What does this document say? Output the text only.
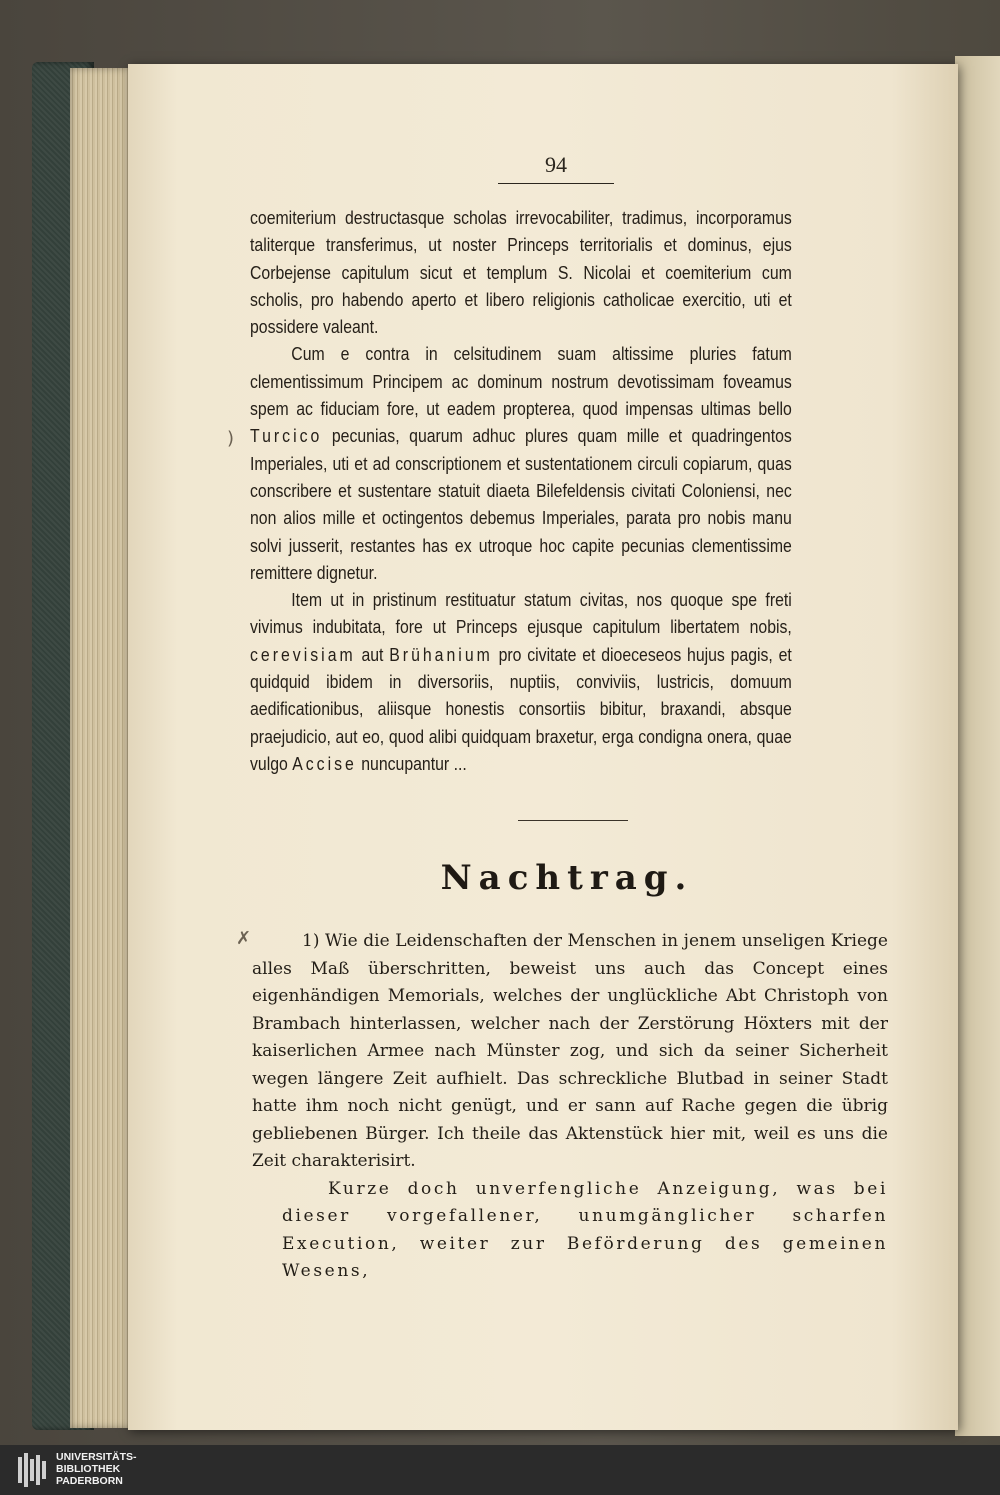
94
)

coemiterium destructasque scholas irrevocabiliter, tradimus, incorporamus taliterque transferimus, ut noster Princeps territorialis et dominus, ejus Corbejense capitulum sicut et templum S. Nicolai et coemiterium cum scholis, pro habendo aperto et libero religionis catholicae exercitio, uti et possidere valeant.

Cum e contra in celsitudinem suam altissime pluries fatum clementissimum Principem ac dominum nostrum devotissimam foveamus spem ac fiduciam fore, ut eadem propterea, quod impensas ultimas bello Turcico pecunias, quarum adhuc plures quam mille et quadringentos Imperiales, uti et ad conscriptionem et sustentationem circuli copiarum, quas conscribere et sustentare statuit diaeta Bilefeldensis civitati Coloniensi, nec non alios mille et octingentos debemus Imperiales, parata pro nobis manu solvi jusserit, restantes has ex utroque hoc capite pecunias clementissime remittere dignetur.

Item ut in pristinum restituatur statum civitas, nos quoque spe freti vivimus indubitata, fore ut Princeps ejusque capitulum libertatem nobis, cerevisiam aut Brühanium pro civitate et dioeceseos hujus pagis, et quidquid ibidem in diversoriis, nuptiis, conviviis, lustricis, domuum aedificationibus, aliisque honestis consortiis bibitur, braxandi, absque praejudicio, aut eo, quod alibi quidquam braxetur, erga condigna onera, quae vulgo Accise nuncupantur ...

Nachtrag.
✗	1) Wie die Leidenschaften der Menschen in jenem unseligen Kriege alles Maß überschritten, beweist uns auch das Concept eines eigenhändigen Memorials, welches der unglückliche Abt Christoph von Brambach hinterlassen, welcher nach der Zerstörung Höxters mit der kaiserlichen Armee nach Münster zog, und sich da seiner Sicherheit wegen längere Zeit aufhielt. Das schreckliche Blutbad in seiner Stadt hatte ihm noch nicht genügt, und er sann auf Rache gegen die übrig gebliebenen Bürger. Ich theile das Aktenstück hier mit, weil es uns die Zeit charakterisirt.

Kurze doch unverfengliche Anzeigung, was bei dieser vorgefallener, unumgänglicher scharfen Execution, weiter zur Beförderung des gemeinen Wesens,

UNIVERSITÄTS-
BIBLIOTHEK
PADERBORN
